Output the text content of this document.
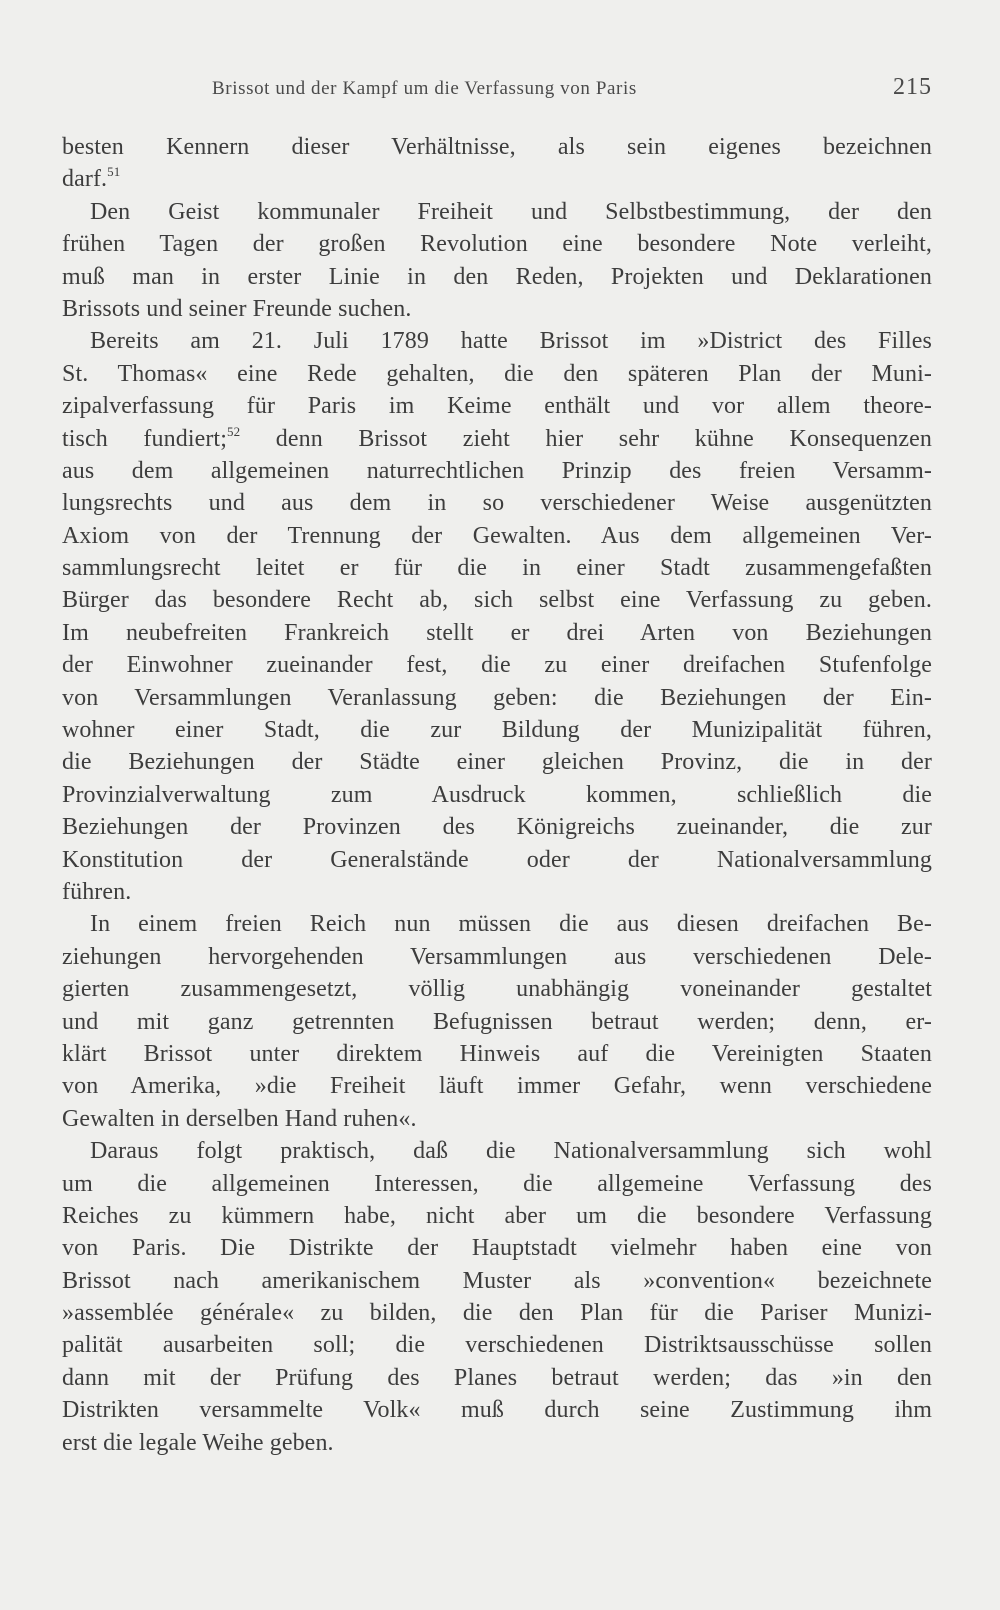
Brissot und der Kampf um die Verfassung von Paris	215
besten Kennern dieser Verhältnisse, als sein eigenes bezeichnen
darf.$^{51}$
Den Geist kommunaler Freiheit und Selbstbestimmung, der den
frühen Tagen der großen Revolution eine besondere Note verleiht,
muß man in erster Linie in den Reden, Projekten und Deklarationen
Brissots und seiner Freunde suchen.
Bereits am 21. Juli 1789 hatte Brissot im »District des Filles
St. Thomas« eine Rede gehalten, die den späteren Plan der Muni-
zipalverfassung für Paris im Keime enthält und vor allem theore-
tisch fundiert;$^{52}$ denn Brissot zieht hier sehr kühne Konsequenzen
aus dem allgemeinen naturrechtlichen Prinzip des freien Versamm-
lungsrechts und aus dem in so verschiedener Weise ausgenützten
Axiom von der Trennung der Gewalten. Aus dem allgemeinen Ver-
sammlungsrecht leitet er für die in einer Stadt zusammengefaßten
Bürger das besondere Recht ab, sich selbst eine Verfassung zu geben.
Im neubefreiten Frankreich stellt er drei Arten von Beziehungen
der Einwohner zueinander fest, die zu einer dreifachen Stufenfolge
von Versammlungen Veranlassung geben: die Beziehungen der Ein-
wohner einer Stadt, die zur Bildung der Munizipalität führen,
die Beziehungen der Städte einer gleichen Provinz, die in der
Provinzialverwaltung zum Ausdruck kommen, schließlich die
Beziehungen der Provinzen des Königreichs zueinander, die zur
Konstitution der Generalstände oder der Nationalversammlung
führen.
In einem freien Reich nun müssen die aus diesen dreifachen Be-
ziehungen hervorgehenden Versammlungen aus verschiedenen Dele-
gierten zusammengesetzt, völlig unabhängig voneinander gestaltet
und mit ganz getrennten Befugnissen betraut werden; denn, er-
klärt Brissot unter direktem Hinweis auf die Vereinigten Staaten
von Amerika, »die Freiheit läuft immer Gefahr, wenn verschiedene
Gewalten in derselben Hand ruhen«.
Daraus folgt praktisch, daß die Nationalversammlung sich wohl
um die allgemeinen Interessen, die allgemeine Verfassung des
Reiches zu kümmern habe, nicht aber um die besondere Verfassung
von Paris. Die Distrikte der Hauptstadt vielmehr haben eine von
Brissot nach amerikanischem Muster als »convention« bezeichnete
»assemblée générale« zu bilden, die den Plan für die Pariser Munizi-
palität ausarbeiten soll; die verschiedenen Distriktsausschüsse sollen
dann mit der Prüfung des Planes betraut werden; das »in den
Distrikten versammelte Volk« muß durch seine Zustimmung ihm
erst die legale Weihe geben.
